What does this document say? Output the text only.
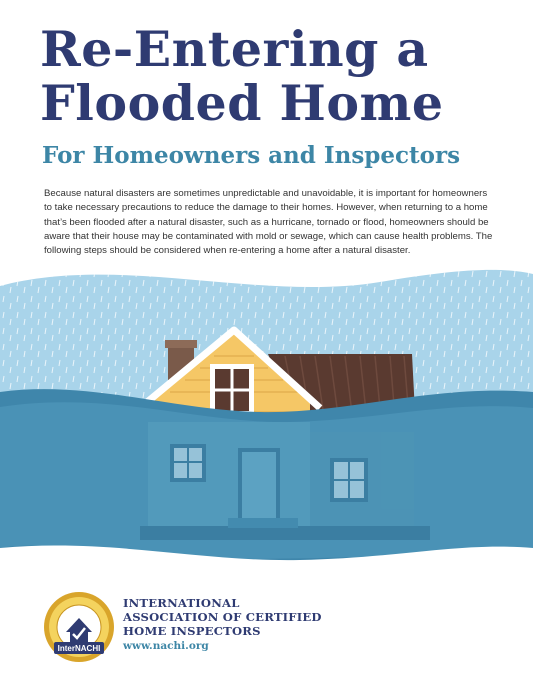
Re-Entering a
Flooded Home
For Homeowners and Inspectors

Because natural disasters are sometimes unpredictable and unavoidable, it is important for homeowners to take necessary precautions to reduce the damage to their homes. However, when returning to a home that’s been flooded after a natural disaster, such as a hurricane, tornado or flood, homeowners should be aware that their house may be contaminated with mold or sewage, which can cause health problems. The following steps should be considered when re-entering a home after a natural disaster.

InterNACHI
INTERNATIONAL
ASSOCIATION OF CERTIFIED
HOME INSPECTORS
www.nachi.org
